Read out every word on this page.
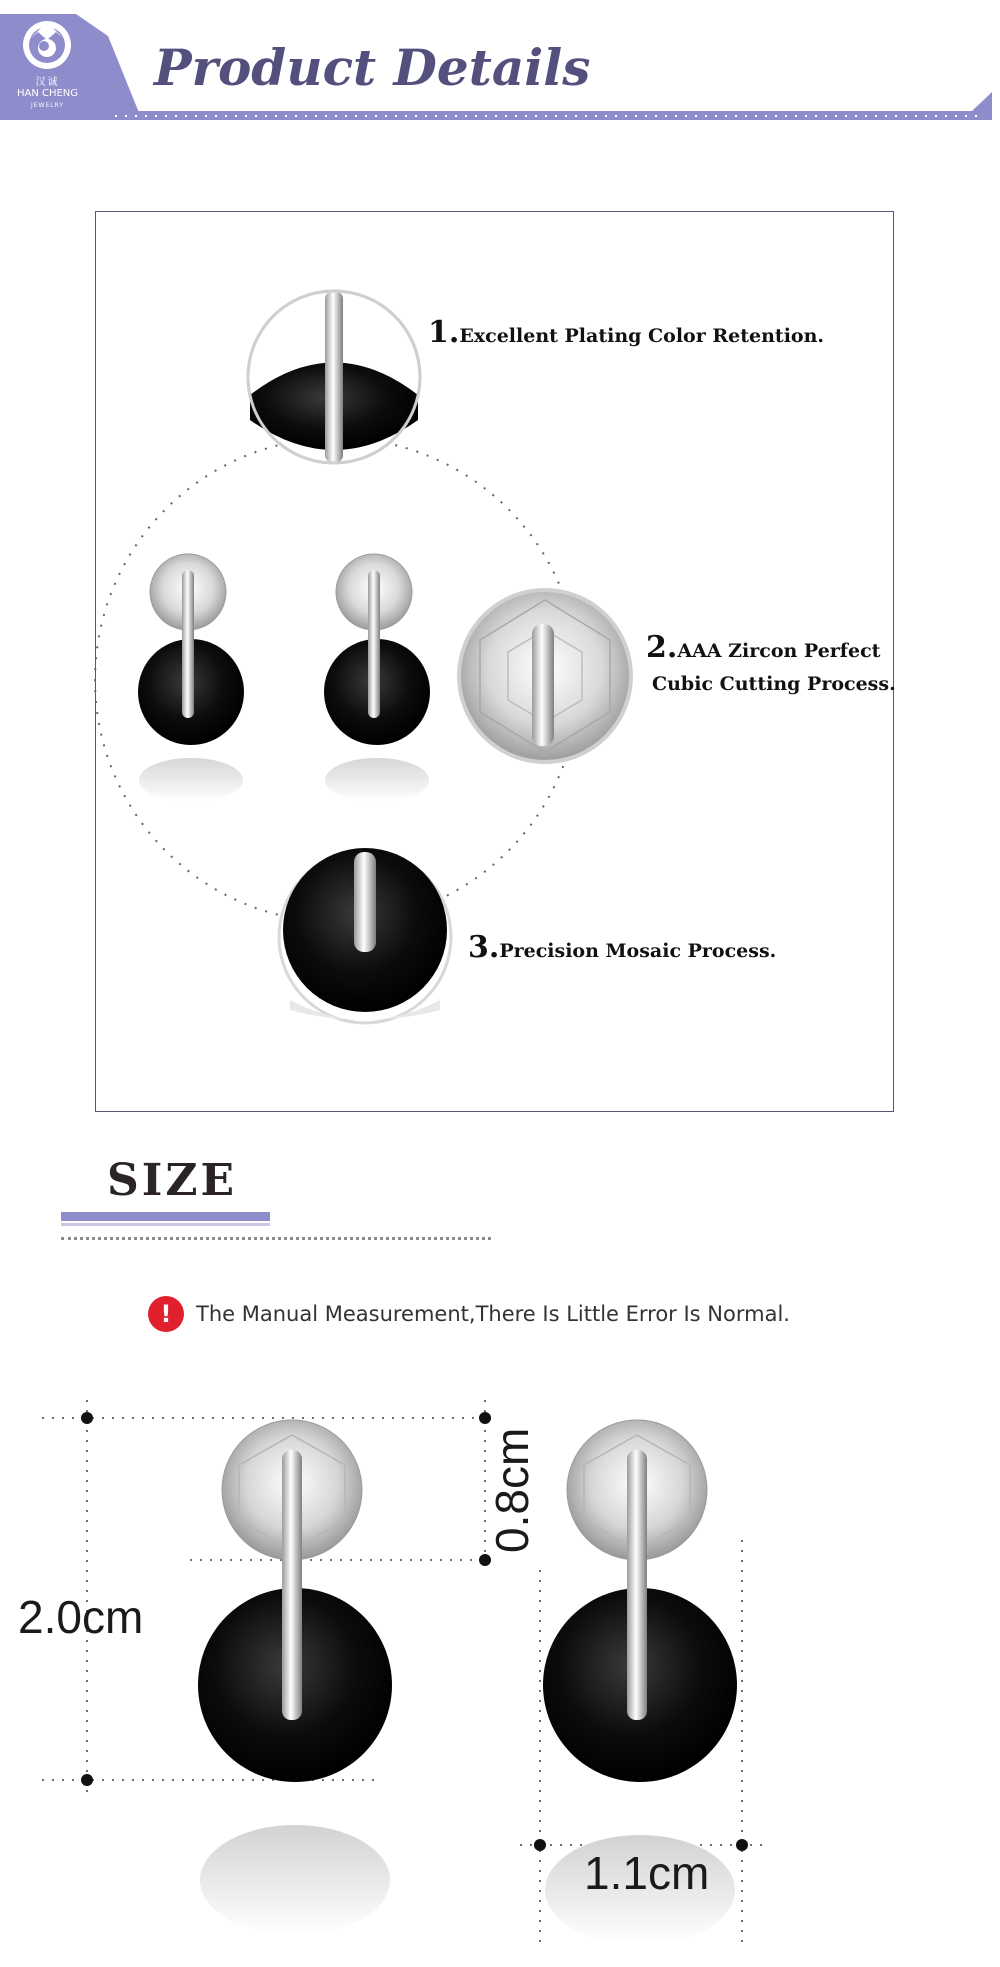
汉诚
HAN CHENG
JEWELRY
Product Details
1.Excellent Plating Color Retention.
2.AAA Zircon Perfect
Cubic Cutting Process.
3.Precision Mosaic Process.
SIZE
!	The Manual Measurement,There Is Little Error Is Normal.
2.0cm
0.8cm
1.1cm
